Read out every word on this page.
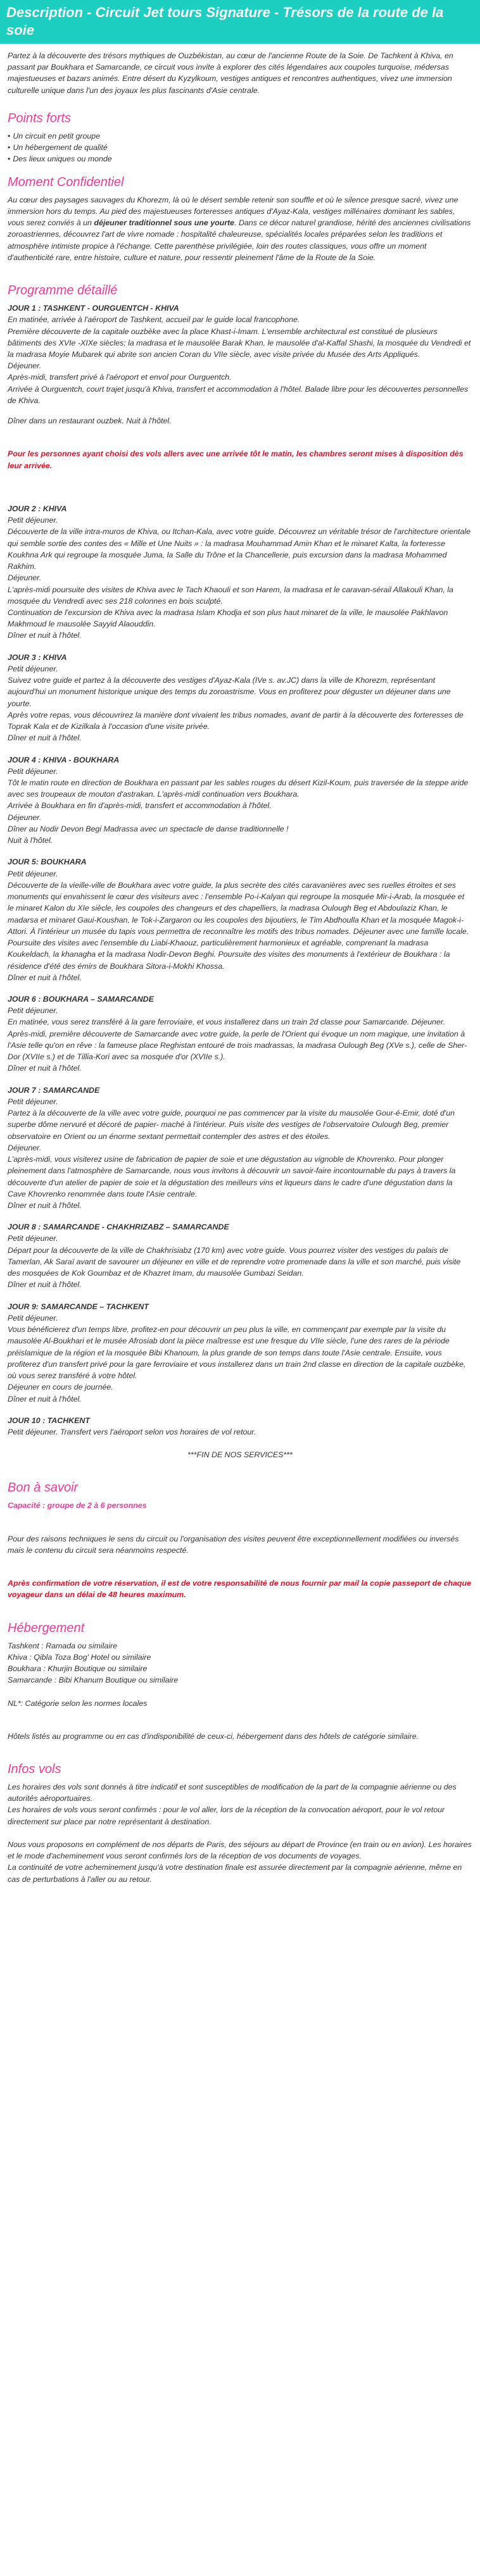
Description - Circuit Jet tours Signature - Trésors de la route de la soie

Partez à la découverte des trésors mythiques de Ouzbékistan, au cœur de l'ancienne Route de la Soie. De Tachkent à Khiva, en passant par Boukhara et Samarcande, ce circuit vous invite à explorer des cités légendaires aux coupoles turquoise, médersas majestueuses et bazars animés. Entre désert du Kyzylkoum, vestiges antiques et rencontres authentiques, vivez une immersion culturelle unique dans l'un des joyaux les plus fascinants d'Asie centrale.

Points forts
• Un circuit en petit groupe
• Un hébergement de qualité
• Des lieux uniques ou monde
Moment Confidentiel

Au cœur des paysages sauvages du Khorezm, là où le désert semble retenir son souffle et où le silence presque sacré, vivez une immersion hors du temps. Au pied des majestueuses forteresses antiques d'Ayaz-Kala, vestiges millénaires dominant les sables, vous serez conviés à un déjeuner traditionnel sous une yourte. Dans ce décor naturel grandiose, hérité des anciennes civilisations zoroastriennes, découvrez l'art de vivre nomade : hospitalité chaleureuse, spécialités locales préparées selon les traditions et atmosphère intimiste propice à l'échange. Cette parenthèse privilégiée, loin des routes classiques, vous offre un moment d'authenticité rare, entre histoire, culture et nature, pour ressentir pleinement l'âme de la Route de la Soie.

Programme détaillé
JOUR 1 : TASHKENT - OURGUENTCH - KHIVA

En matinée, arrivée à l'aéroport de Tashkent, accueil par le guide local francophone.

Première découverte de la capitale ouzbèke avec la place Khast-i-Imam. L'ensemble architectural est constitué de plusieurs bâtiments des XVIe -XIXe siècles; la madrasa et le mausolée Barak Khan, le mausolée d'al-Kaffal Shashi, la mosquée du Vendredi et la madrasa Moyie Mubarek qui abrite son ancien Coran du VIIe siècle, avec visite privée du Musée des Arts Appliqués.

Déjeuner.

Après-midi, transfert privé à l'aéroport et envol pour Ourguentch.

Arrivée à Ourguentch, court trajet jusqu'à Khiva, transfert et accommodation à l'hôtel. Balade libre pour les découvertes personnelles de Khiva.

Dîner dans un restaurant ouzbek. Nuit à l'hôtel.

Pour les personnes ayant choisi des vols allers avec une arrivée tôt le matin, les chambres seront mises à disposition dès leur arrivée.

JOUR 2 : KHIVA

Petit déjeuner.

Découverte de la ville intra-muros de Khiva, ou Itchan-Kala, avec votre guide. Découvrez un véritable trésor de l'architecture orientale qui semble sortie des contes des « Mille et Une Nuits » : la madrasa Mouhammad Amin Khan et le minaret Kalta, la forteresse Koukhna Ark qui regroupe la mosquée Juma, la Salle du Trône et la Chancellerie, puis excursion dans la madrasa Mohammed Rakhim.

Déjeuner.

L'après-midi poursuite des visites de Khiva avec le Tach Khaouli et son Harem, la madrasa et le caravan-sérail Allakouli Khan, la mosquée du Vendredi avec ses 218 colonnes en bois sculpté.

Continuation de l'excursion de Khiva avec la madrasa Islam Khodja et son plus haut minaret de la ville, le mausolée Pakhlavon Makhmoud le mausolée Sayyid Alaouddin.

Dîner et nuit à l'hôtel.

JOUR 3 : KHIVA

Petit déjeuner.

Suivez votre guide et partez à la découverte des vestiges d'Ayaz-Kala (IVe s. av.JC) dans la ville de Khorezm, représentant aujourd'hui un monument historique unique des temps du zoroastrisme. Vous en profiterez pour déguster un déjeuner dans une yourte.

Après votre repas, vous découvrirez la manière dont vivaient les tribus nomades, avant de partir à la découverte des forteresses de Toprak Kala et de Kizilkala à l'occasion d'une visite privée.

Dîner et nuit à l'hôtel.

JOUR 4 : KHIVA - BOUKHARA

Petit déjeuner.

Tôt le matin route en direction de Boukhara en passant par les sables rouges du désert Kizil-Koum, puis traversée de la steppe aride avec ses troupeaux de mouton d'astrakan. L'après-midi continuation vers Boukhara.

Arrivée à Boukhara en fin d'après-midi, transfert et accommodation à l'hôtel.

Déjeuner.

Dîner au Nodir Devon Begi Madrassa avec un spectacle de danse traditionnelle !

Nuit à l'hôtel.

JOUR 5: BOUKHARA

Petit déjeuner.

Découverte de la vieille-ville de Boukhara avec votre guide, la plus secrète des cités caravanières avec ses ruelles étroites et ses monuments qui envahissent le cœur des visiteurs avec : l'ensemble Po-i-Kalyan qui regroupe la mosquée Mir-i-Arab, la mosquée et le minaret Kalon du XIe siècle, les coupoles des changeurs et des chapelliers, la madrasa Oulough Beg et Abdoulaziz Khan, le madarsa et minaret Gaui-Koushan, le Tok-i-Zargaron ou les coupoles des bijoutiers, le Tim Abdhoulla Khan et la mosquée Magok-i-Attori. À l'intérieur un musée du tapis vous permettra de reconnaître les motifs des tribus nomades. Déjeuner avec une famille locale.

Poursuite des visites avec l'ensemble du Liabi-Khaouz, particulièrement harmonieux et agréable, comprenant la madrasa Koukeldach, la khanagha et la madrasa Nodir-Devon Beghi. Poursuite des visites des monuments à l'extérieur de Boukhara : la résidence d'été des émirs de Boukhara Sitora-i-Mokhi Khossa.

Dîner et nuit à l'hôtel.

JOUR 6 : BOUKHARA – SAMARCANDE

Petit déjeuner.

En matinée, vous serez transféré à la gare ferroviaire, et vous installerez dans un train 2d classe pour Samarcande. Déjeuner.

Après-midi, première découverte de Samarcande avec votre guide, la perle de l'Orient qui évoque un nom magique, une invitation à l'Asie telle qu'on en rêve : la fameuse place Reghistan entouré de trois madrassas, la madrasa Oulough Beg (XVe s.), celle de Sher-Dor (XVIIe s.) et de Tillia-Kori avec sa mosquée d'or (XVIIe s.).

Dîner et nuit à l'hôtel.

JOUR 7 : SAMARCANDE

Petit déjeuner.

Partez à la découverte de la ville avec votre guide, pourquoi ne pas commencer par la visite du mausolée Gour-é-Emir, doté d'un superbe dôme nervuré et décoré de papier- maché à l'intérieur. Puis visite des vestiges de l'observatoire Oulough Beg, premier observatoire en Orient ou un énorme sextant permettait contempler des astres et des étoiles.

Déjeuner.

L'après-midi, vous visiterez usine de fabrication de papier de soie et une dégustation au vignoble de Khovrenko. Pour plonger pleinement dans l'atmosphère de Samarcande, nous vous invitons à découvrir un savoir-faire incontournable du pays à travers la découverte d'un atelier de papier de soie et la dégustation des meilleurs vins et liqueurs dans le cadre d'une dégustation dans la Cave Khovrenko renommée dans toute l'Asie centrale.

Dîner et nuit à l'hôtel.

JOUR 8 : SAMARCANDE - CHAKHRIZABZ – SAMARCANDE

Petit déjeuner.

Départ pour la découverte de la ville de Chakhrisiabz (170 km) avec votre guide. Vous pourrez visiter des vestiges du palais de Tamerlan, Ak Saraï avant de savourer un déjeuner en ville et de reprendre votre promenade dans la ville et son marché, puis visite des mosquées de Kok Goumbaz et de Khazret Imam, du mausolée Gumbazi Seidan.

Dîner et nuit à l'hôtel.

JOUR 9: SAMARCANDE – TACHKENT

Petit déjeuner.

Vous bénéficierez d'un temps libre, profitez-en pour découvrir un peu plus la ville, en commençant par exemple par la visite du mausolée Al-Boukhari et le musée Afrosiab dont la pièce maîtresse est une fresque du VIIe siècle, l'une des rares de la période préislamique de la région et la mosquée Bibi Khanoum, la plus grande de son temps dans toute l'Asie centrale. Ensuite, vous profiterez d'un transfert privé pour la gare ferroviaire et vous installerez dans un train 2nd classe en direction de la capitale ouzbèke, où vous serez transféré à votre hôtel.

Déjeuner en cours de journée.

Dîner et nuit à l'hôtel.

JOUR 10 : TACHKENT

Petit déjeuner. Transfert vers l'aéroport selon vos horaires de vol retour.

***FIN DE NOS SERVICES***

Bon à savoir

Capacité : groupe de 2 à 6 personnes

Pour des raisons techniques le sens du circuit ou l'organisation des visites peuvent être exceptionnellement modifiées ou inversés mais le contenu du circuit sera néanmoins respecté.

Après confirmation de votre réservation, il est de votre responsabilité de nous fournir par mail la copie passeport de chaque voyageur dans un délai de 48 heures maximum.

Hébergement

Tashkent : Ramada ou similaire

Khiva : Qibla Tozа Bog' Hotel ou similaire

Boukhara : Khurjin Boutique ou similaire

Samarcande : Bibi Khanum Boutique ou similaire

NL*: Catégorie selon les normes locales

Hôtels listés au programme ou en cas d'indisponibilité de ceux-ci, hébergement dans des hôtels de catégorie similaire.

Infos vols

Les horaires des vols sont donnés à titre indicatif et sont susceptibles de modification de la part de la compagnie aérienne ou des autorités aéroportuaires.

Les horaires de vols vous seront confirmés : pour le vol aller, lors de la réception de la convocation aéroport, pour le vol retour directement sur place par notre représentant à destination.

Nous vous proposons en complément de nos départs de Paris, des séjours au départ de Province (en train ou en avion). Les horaires et le mode d'acheminement vous seront confirmés lors de la réception de vos documents de voyages.

La continuité de votre acheminement jusqu'à votre destination finale est assurée directement par la compagnie aérienne, même en cas de perturbations à l'aller ou au retour.
